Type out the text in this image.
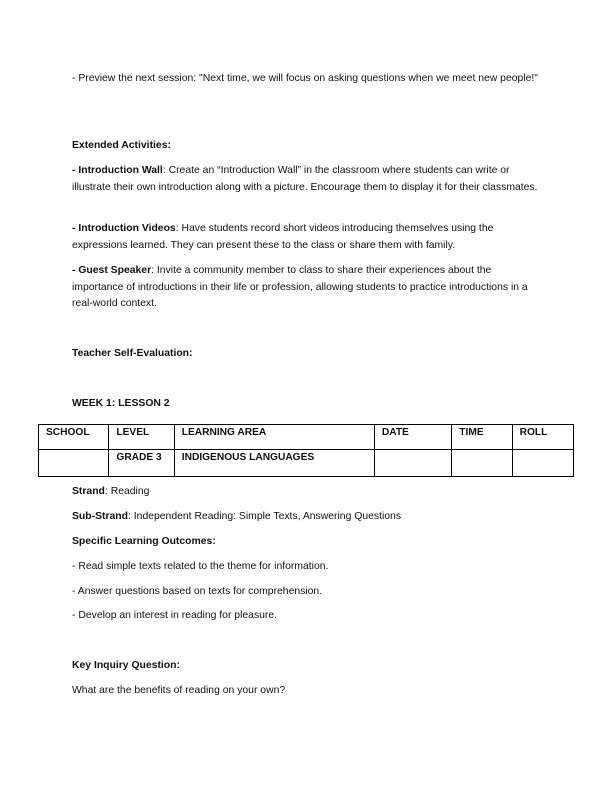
- Preview the next session: "Next time, we will focus on asking questions when we meet new people!"

Extended Activities:

- Introduction Wall: Create an “Introduction Wall” in the classroom where students can write or illustrate their own introduction along with a picture. Encourage them to display it for their classmates.

- Introduction Videos: Have students record short videos introducing themselves using the expressions learned. They can present these to the class or share them with family.

- Guest Speaker: Invite a community member to class to share their experiences about the importance of introductions in their life or profession, allowing students to practice introductions in a real-world context.

Teacher Self-Evaluation:

WEEK 1: LESSON 2

SCHOOL	LEVEL	LEARNING AREA	DATE	TIME	ROLL
	GRADE 3	INDIGENOUS LANGUAGES			

Strand: Reading

Sub-Strand: Independent Reading: Simple Texts, Answering Questions

Specific Learning Outcomes:

- Read simple texts related to the theme for information.

- Answer questions based on texts for comprehension.

- Develop an interest in reading for pleasure.

Key Inquiry Question:

What are the benefits of reading on your own?
